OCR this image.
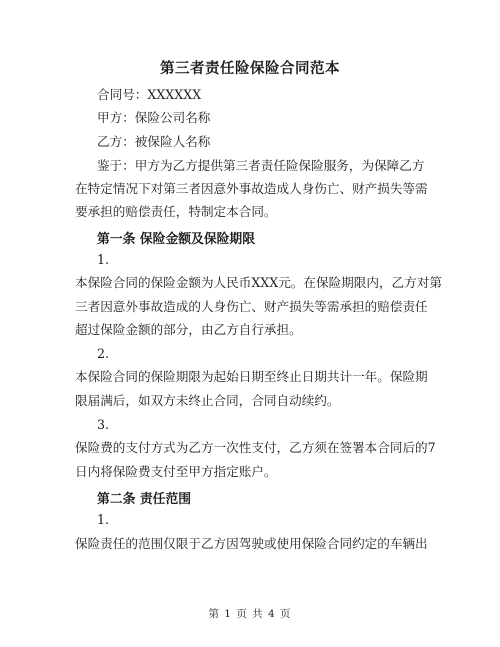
第三者责任险保险合同范本
合同号：XXXXXX
甲方：保险公司名称
乙方：被保险人名称
鉴于：甲方为乙方提供第三者责任险保险服务，为保障乙方
在特定情况下对第三者因意外事故造成人身伤亡、财产损失等需
要承担的赔偿责任，特制定本合同。
第一条 保险金额及保险期限
1.
本保险合同的保险金额为人民币XXX元。在保险期限内，乙方对第
三者因意外事故造成的人身伤亡、财产损失等需承担的赔偿责任
超过保险金额的部分，由乙方自行承担。
2.
本保险合同的保险期限为起始日期至终止日期共计一年。保险期
限届满后，如双方未终止合同，合同自动续约。
3.
保险费的支付方式为乙方一次性支付，乙方须在签署本合同后的7
日内将保险费支付至甲方指定账户。
第二条 责任范围
1.
保险责任的范围仅限于乙方因驾驶或使用保险合同约定的车辆出
第 1 页 共 4 页
